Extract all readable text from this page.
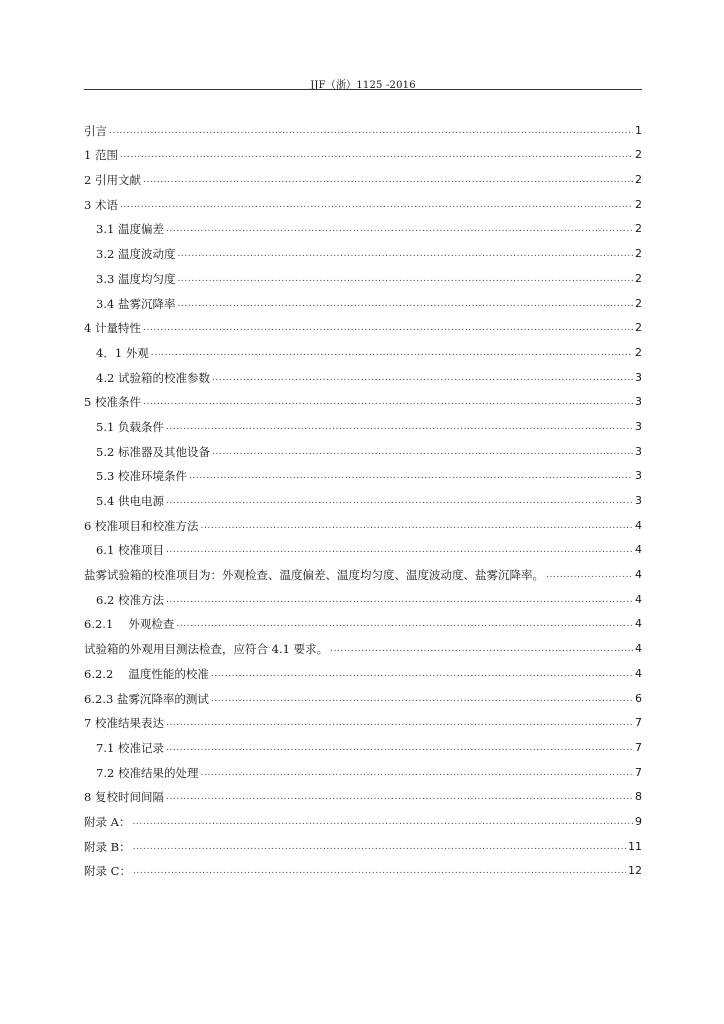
JJF（浙）1125 -2016
引言 .....	1
1 范围 .....	2
2 引用文献 .....	2
3 术语 .....	2
3.1 温度偏差 .....	2
3.2 温度波动度 .....	2
3.3 温度均匀度 .....	2
3.4 盐雾沉降率 .....	2
4 计量特性 .....	2
4．1 外观 .....	2
4.2 试验箱的校准参数 .....	3
5 校准条件 .....	3
5.1 负载条件 .....	3
5.2 标准器及其他设备 .....	3
5.3 校准环境条件 .....	3
5.4 供电电源 .....	3
6 校准项目和校准方法 .....	4
6.1 校准项目 .....	4
盐雾试验箱的校准项目为：外观检查、温度偏差、温度均匀度、温度波动度、盐雾沉降率。 .....	4
6.2 校准方法 .....	4
6.2.1　 外观检查 .....	4
试验箱的外观用目测法检查，应符合 4.1 要求。 .....	4
6.2.2　 温度性能的校准 .....	4
6.2.3 盐雾沉降率的测试 .....	6
7 校准结果表达 .....	7
7.1 校准记录 .....	7
7.2 校准结果的处理 .....	7
8 复校时间间隔 .....	8
附录 A： .....	9
附录 B： .....	11
附录 C： .....	12
